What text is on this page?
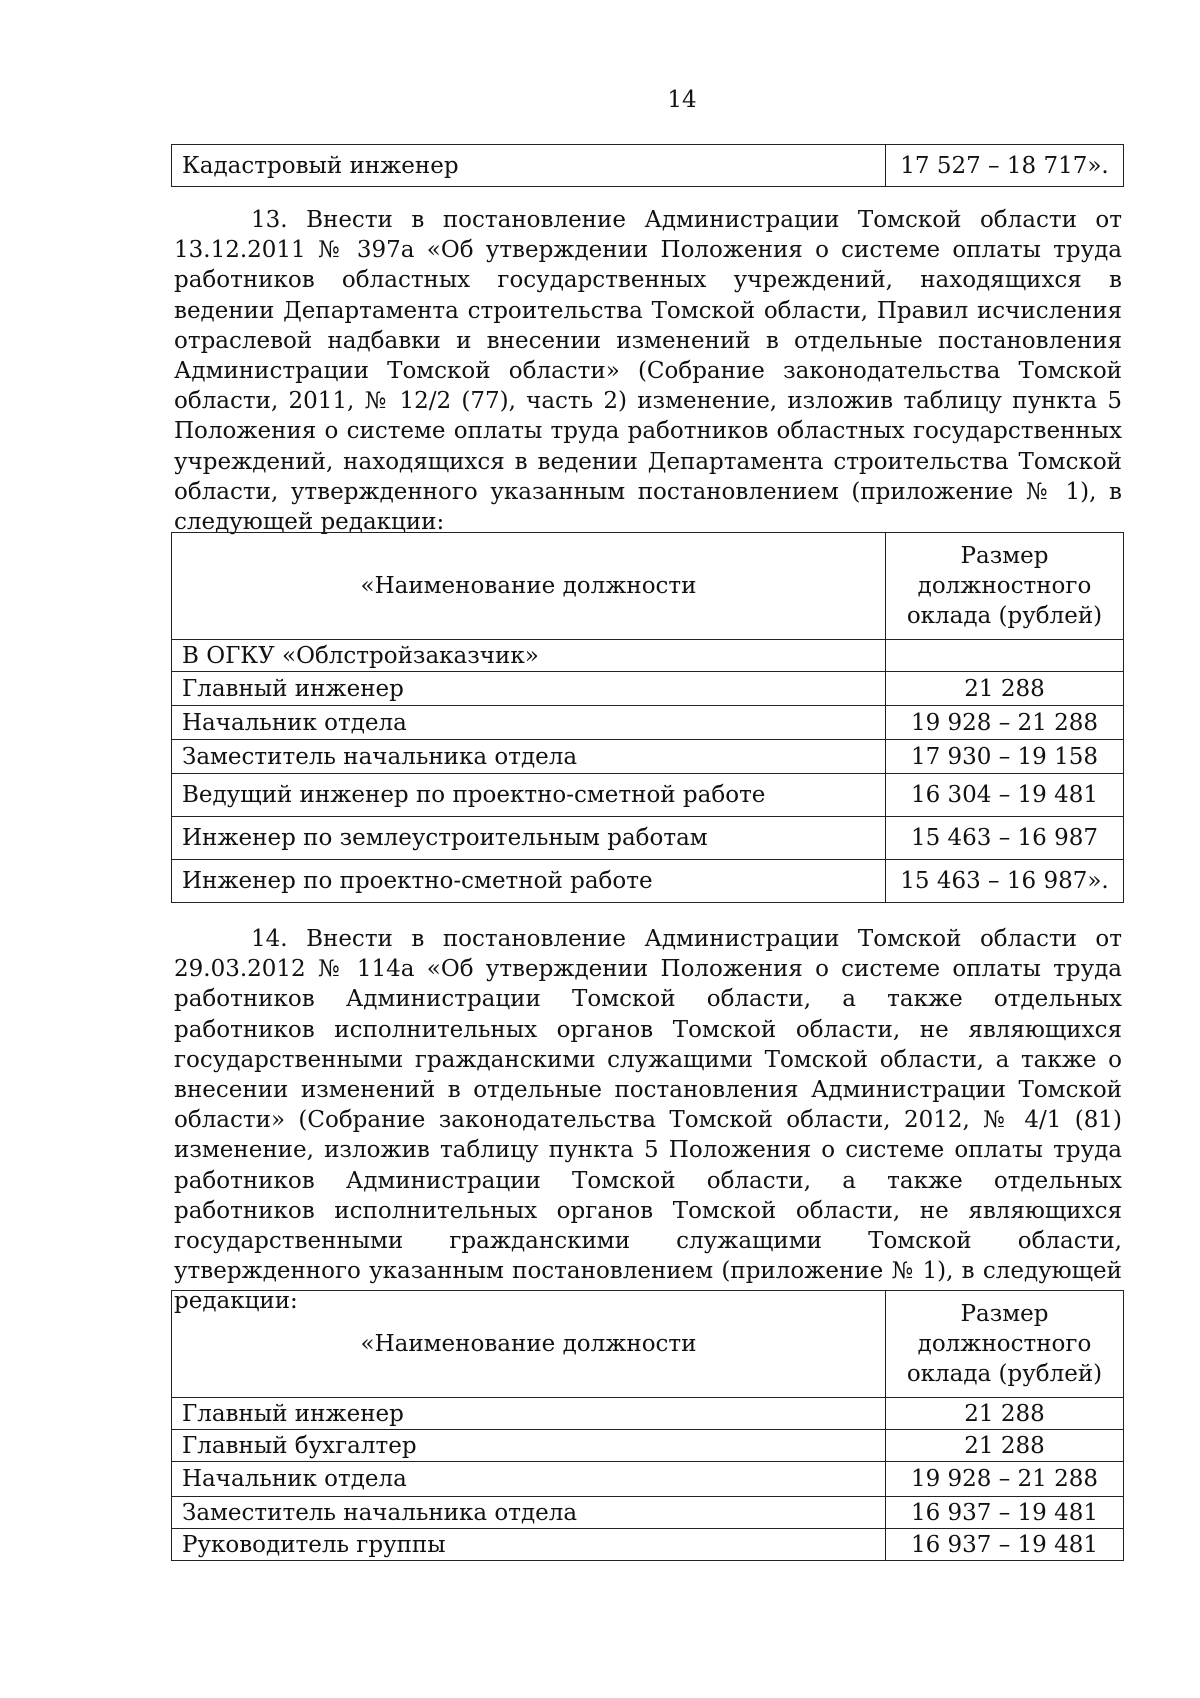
14
Кадастровый инженер	17 527 – 18 717».

13. Внести в постановление Администрации Томской области от 13.12.2011 № 397а «Об утверждении Положения о системе оплаты труда работников областных государственных учреждений, находящихся в ведении Департамента строительства Томской области, Правил исчисления отраслевой надбавки и внесении изменений в отдельные постановления Администрации Томской области» (Собрание законодательства Томской области, 2011, № 12/2 (77), часть 2) изменение, изложив таблицу пункта 5 Положения о системе оплаты труда работников областных государственных учреждений, находящихся в ведении Департамента строительства Томской области, утвержденного указанным постановлением (приложение № 1), в следующей редакции:

«Наименование должности	Размер
должностного
оклада (рублей)

В ОГКУ «Облстройзаказчик»	
Главный инженер	21 288
Начальник отдела	19 928 – 21 288
Заместитель начальника отдела	17 930 – 19 158
Ведущий инженер по проектно-сметной работе	16 304 – 19 481
Инженер по землеустроительным работам	15 463 – 16 987
Инженер по проектно-сметной работе	15 463 – 16 987».

14. Внести в постановление Администрации Томской области от 29.03.2012 № 114а «Об утверждении Положения о системе оплаты труда работников Администрации Томской области, а также отдельных работников исполнительных органов Томской области, не являющихся государственными гражданскими служащими Томской области, а также о внесении изменений в отдельные постановления Администрации Томской области» (Собрание законодательства Томской области, 2012, № 4/1 (81) изменение, изложив таблицу пункта 5 Положения о системе оплаты труда работников Администрации Томской области, а также отдельных работников исполнительных органов Томской области, не являющихся государственными гражданскими служащими Томской области, утвержденного указанным постановлением (приложение № 1), в следующей редакции:

«Наименование должности	Размер
должностного
оклада (рублей)

Главный инженер	21 288
Главный бухгалтер	21 288
Начальник отдела	19 928 – 21 288
Заместитель начальника отдела	16 937 – 19 481
Руководитель группы	16 937 – 19 481
